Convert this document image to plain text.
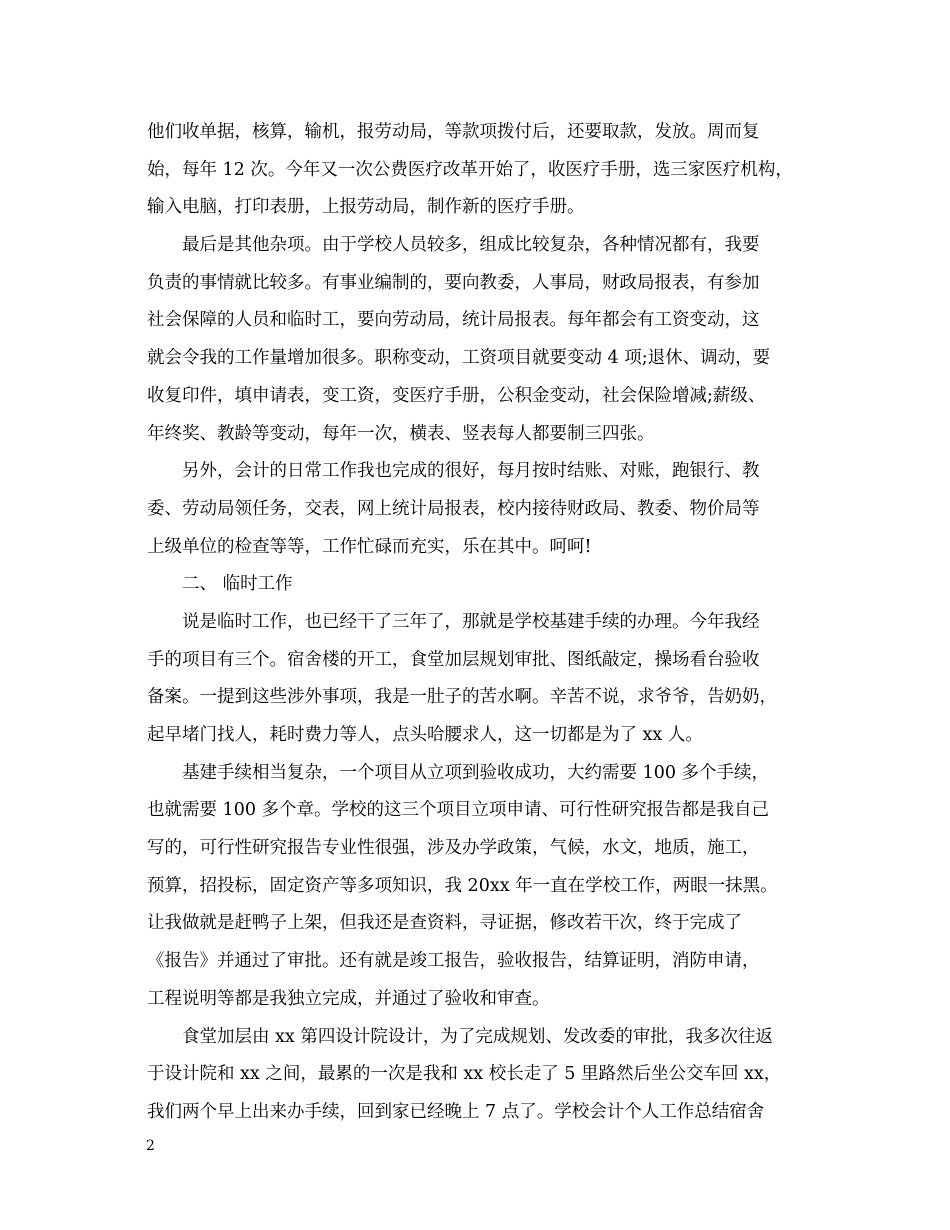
他们收单据，核算，输机，报劳动局，等款项拨付后，还要取款，发放。周而复
始，每年 12 次。今年又一次公费医疗改革开始了，收医疗手册，选三家医疗机构，
输入电脑，打印表册，上报劳动局，制作新的医疗手册。
最后是其他杂项。由于学校人员较多，组成比较复杂，各种情况都有，我要
负责的事情就比较多。有事业编制的，要向教委，人事局，财政局报表，有参加
社会保障的人员和临时工，要向劳动局，统计局报表。每年都会有工资变动，这
就会令我的工作量增加很多。职称变动，工资项目就要变动 4 项;退休、调动，要
收复印件，填申请表，变工资，变医疗手册，公积金变动，社会保险增减;薪级、
年终奖、教龄等变动，每年一次，横表、竖表每人都要制三四张。
另外，会计的日常工作我也完成的很好，每月按时结账、对账，跑银行、教
委、劳动局领任务，交表，网上统计局报表，校内接待财政局、教委、物价局等
上级单位的检查等等，工作忙碌而充实，乐在其中。呵呵!
二、 临时工作
说是临时工作，也已经干了三年了，那就是学校基建手续的办理。今年我经
手的项目有三个。宿舍楼的开工，食堂加层规划审批、图纸敲定，操场看台验收
备案。一提到这些涉外事项，我是一肚子的苦水啊。辛苦不说，求爷爷，告奶奶，
起早堵门找人，耗时费力等人，点头哈腰求人，这一切都是为了 xx 人。
基建手续相当复杂，一个项目从立项到验收成功，大约需要 100 多个手续，
也就需要 100 多个章。学校的这三个项目立项申请、可行性研究报告都是我自己
写的，可行性研究报告专业性很强，涉及办学政策，气候，水文，地质，施工，
预算，招投标，固定资产等多项知识，我 20xx 年一直在学校工作，两眼一抹黑。
让我做就是赶鸭子上架，但我还是查资料，寻证据，修改若干次，终于完成了
《报告》并通过了审批。还有就是竣工报告，验收报告，结算证明，消防申请，
工程说明等都是我独立完成，并通过了验收和审查。
食堂加层由 xx 第四设计院设计，为了完成规划、发改委的审批，我多次往返
于设计院和 xx 之间，最累的一次是我和 xx 校长走了 5 里路然后坐公交车回 xx，
我们两个早上出来办手续，回到家已经晚上 7 点了。学校会计个人工作总结宿舍
2
